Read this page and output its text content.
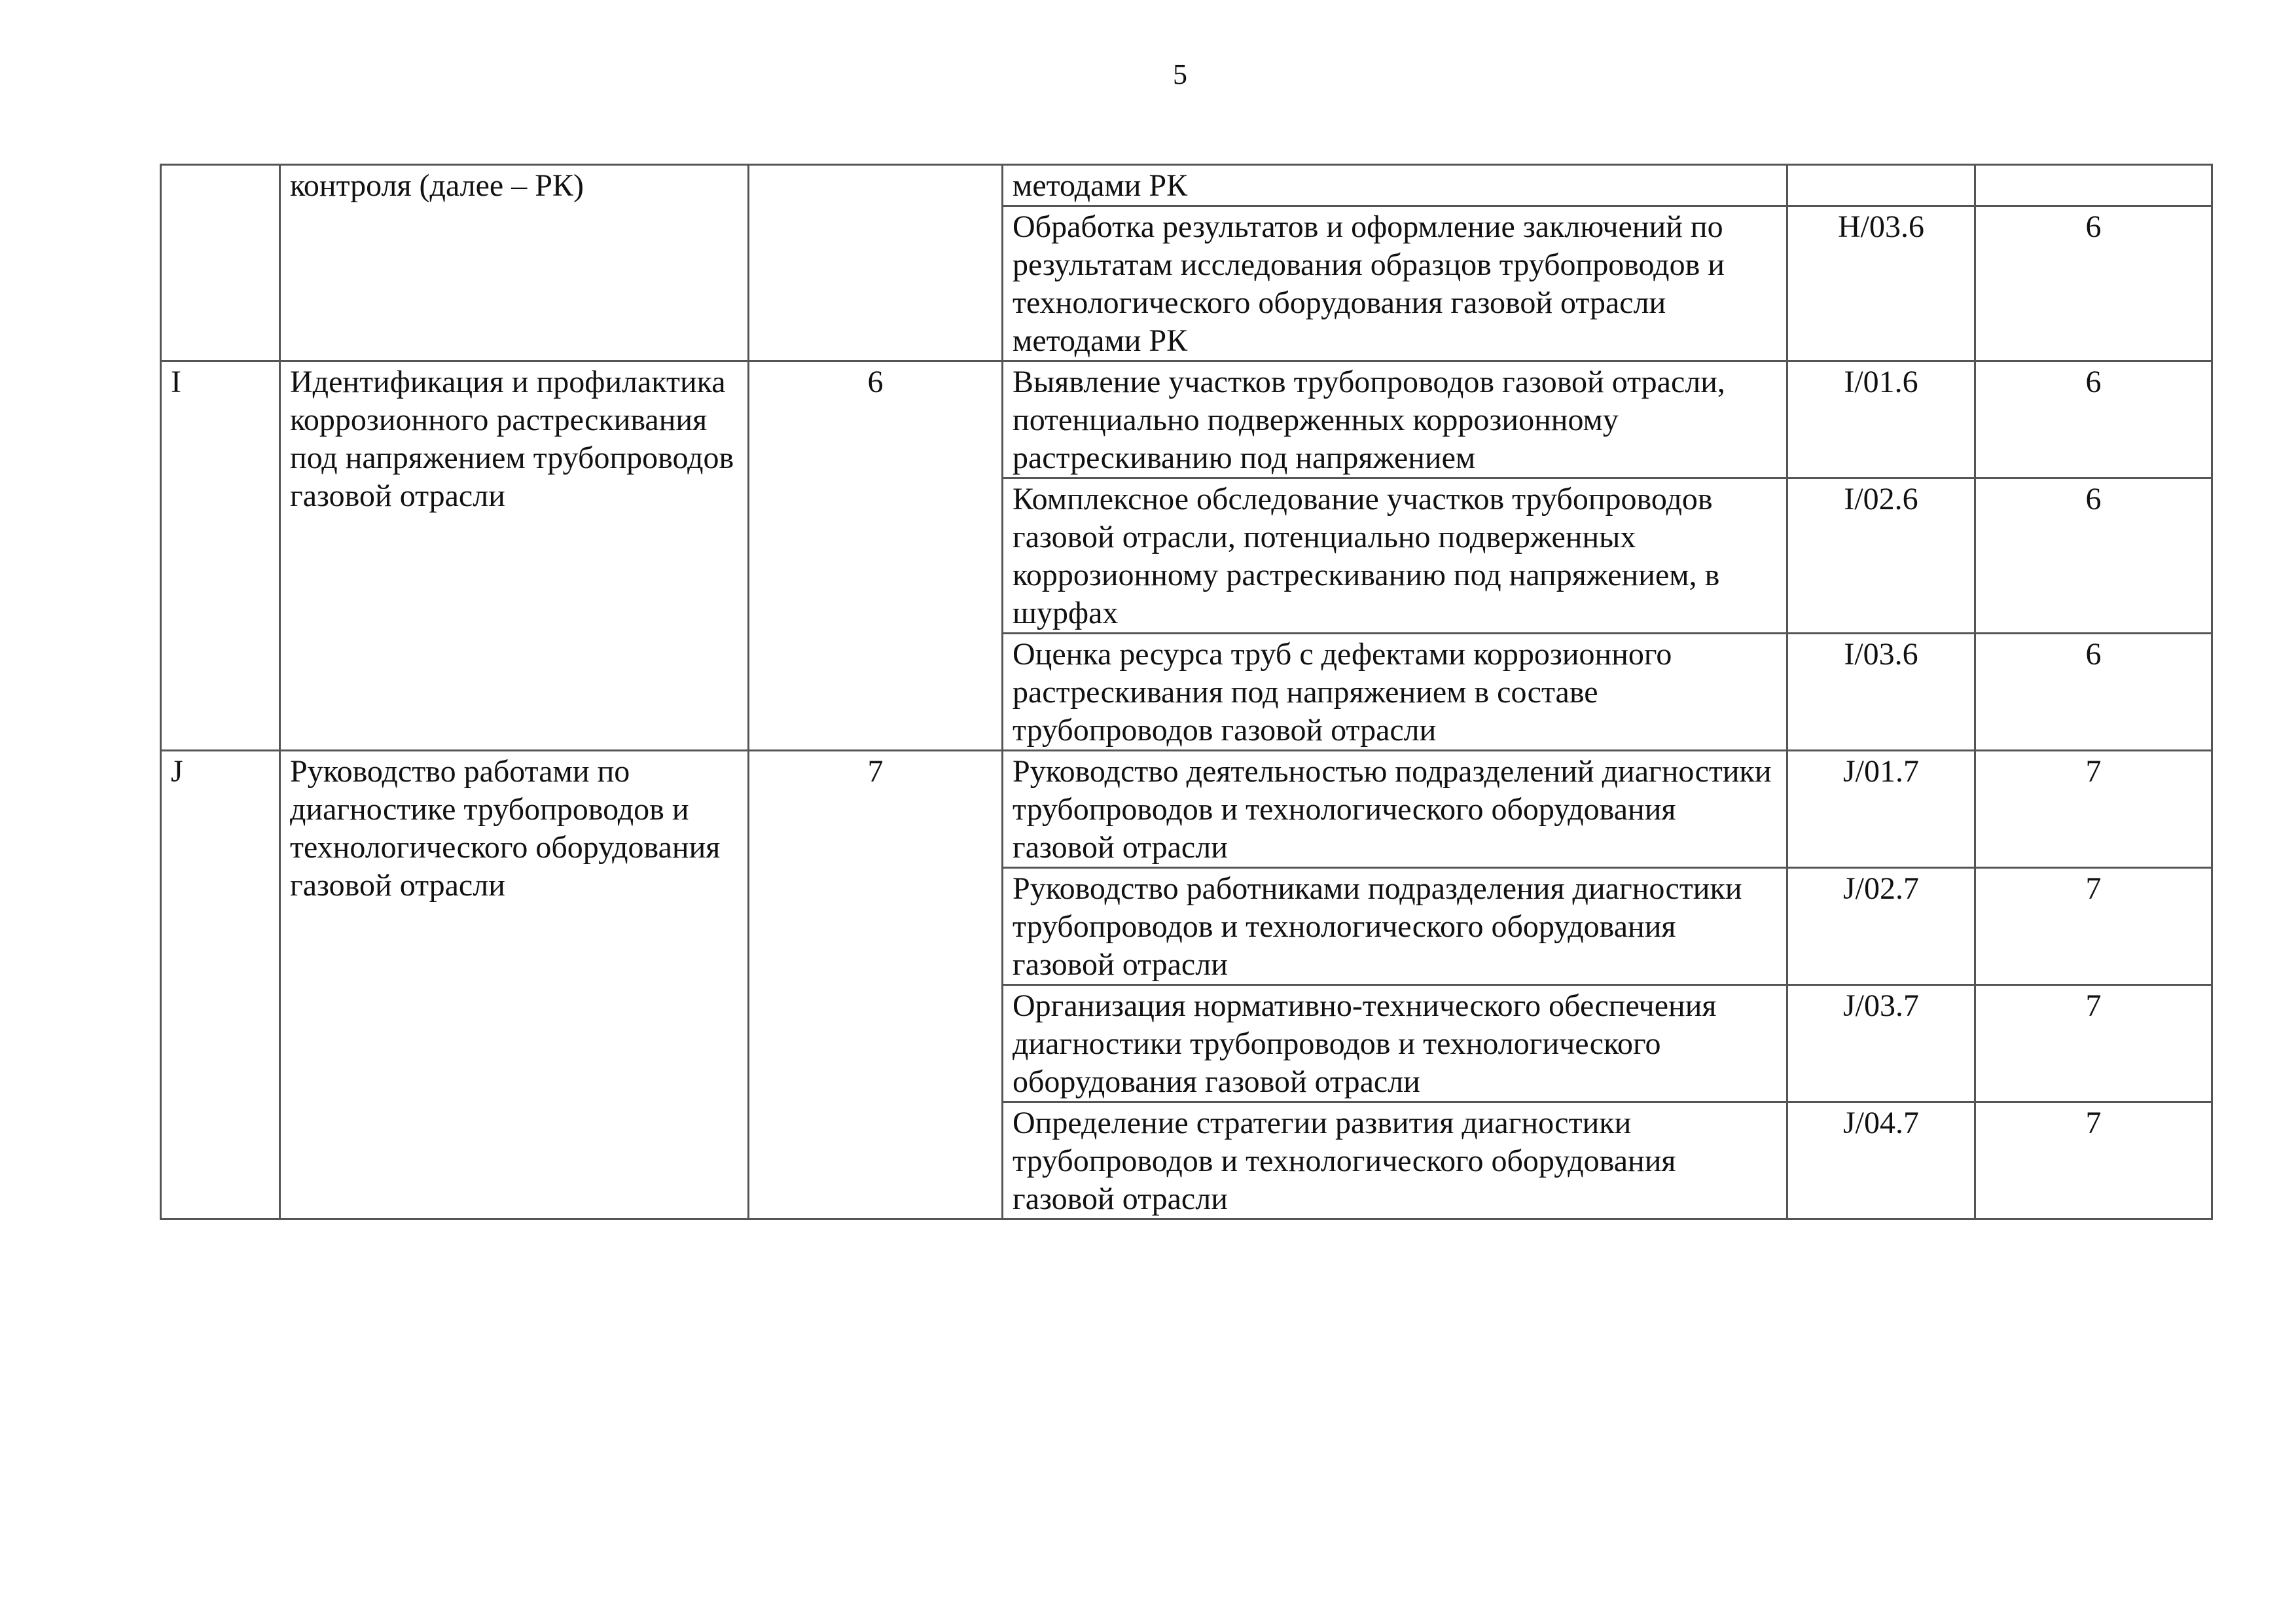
5
	контроля (далее – РК)		методами РК		
			Обработка результатов и оформление заключений по результатам исследования образцов трубопроводов и технологического оборудования газовой отрасли методами РК	H/03.6	6
I	Идентификация и профилактика коррозионного растрескивания под напряжением трубопроводов газовой отрасли	6	Выявление участков трубопроводов газовой отрасли, потенциально подверженных коррозионному растрескиванию под напряжением	I/01.6	6
			Комплексное обследование участков трубопроводов газовой отрасли, потенциально подверженных коррозионному растрескиванию под напряжением, в шурфах	I/02.6	6
			Оценка ресурса труб с дефектами коррозионного растрескивания под напряжением в составе трубопроводов газовой отрасли	I/03.6	6
J	Руководство работами по диагностике трубопроводов и технологического оборудования газовой отрасли	7	Руководство деятельностью подразделений диагностики трубопроводов и технологического оборудования газовой отрасли	J/01.7	7
			Руководство работниками подразделения диагностики трубопроводов и технологического оборудования газовой отрасли	J/02.7	7
			Организация нормативно-технического обеспечения диагностики трубопроводов и технологического оборудования газовой отрасли	J/03.7	7
			Определение стратегии развития диагностики трубопроводов и технологического оборудования газовой отрасли	J/04.7	7
